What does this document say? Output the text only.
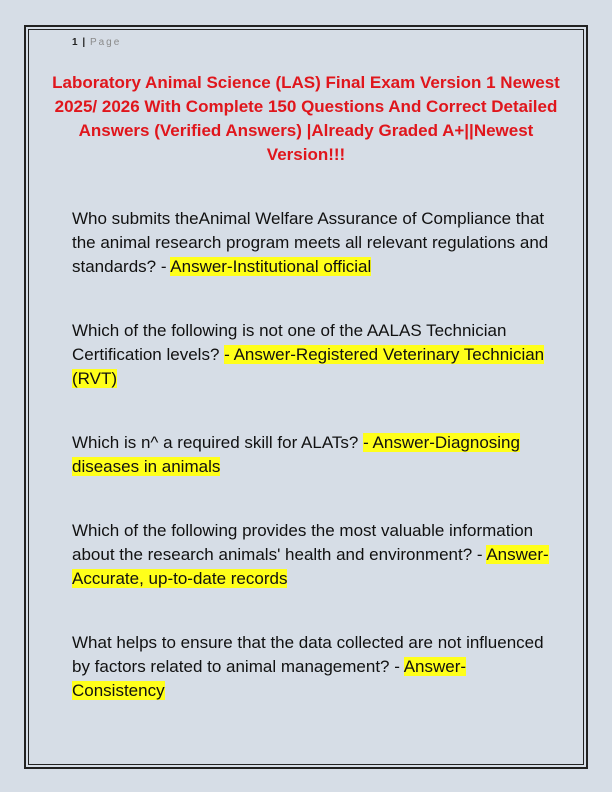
1 | Page
Laboratory Animal Science (LAS) Final Exam Version 1 Newest 2025/ 2026 With Complete 150 Questions And Correct Detailed Answers (Verified Answers) |Already Graded A+||Newest Version!!!

Who submits theAnimal Welfare Assurance of Compliance that the animal research program meets all relevant regulations and standards? - Answer-Institutional official

Which of the following is not one of the AALAS Technician Certification levels? - Answer-Registered Veterinary Technician (RVT)

Which is n^ a required skill for ALATs? - Answer-Diagnosing diseases in animals

Which of the following provides the most valuable information about the research animals' health and environment? - Answer-Accurate, up-to-date records

What helps to ensure that the data collected are not influenced by factors related to animal management? - Answer-Consistency
